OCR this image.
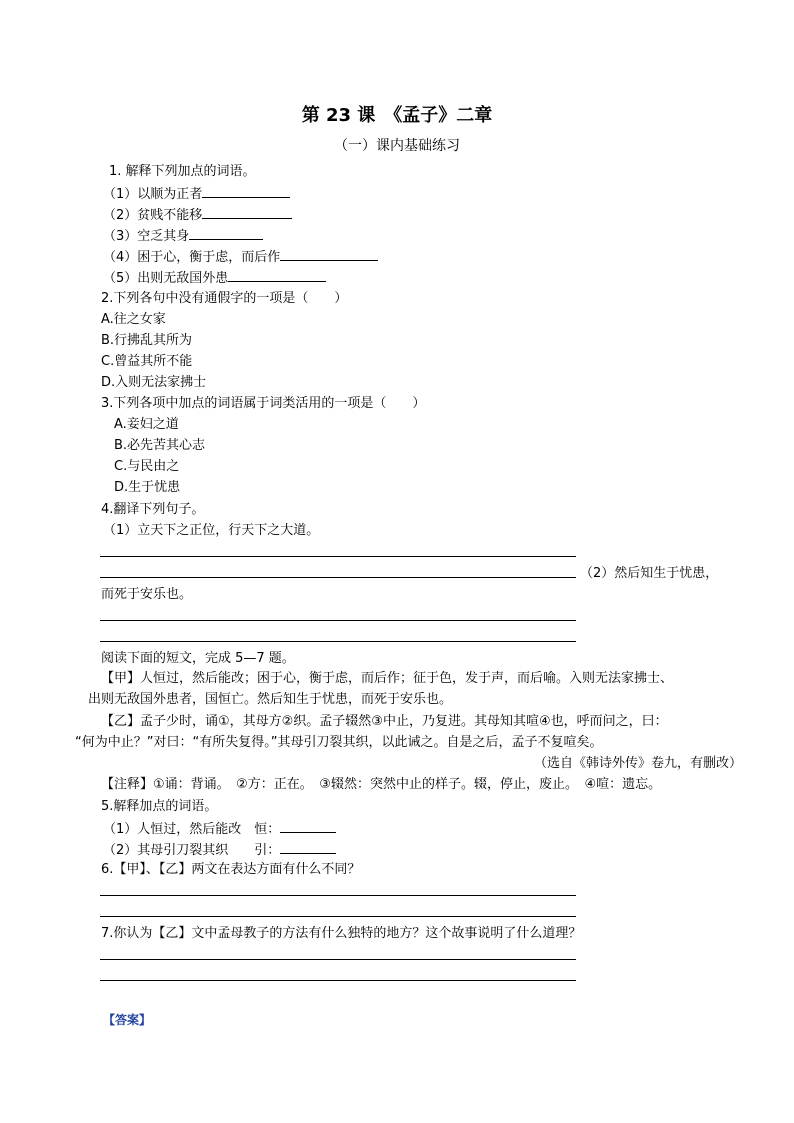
第 23 课　《孟子》二章
（一）课内基础练习
1. 解释下列加点的词语。
（1）以顺为正者
（2）贫贱不能移
（3）空乏其身
（4）困于心，衡于虑，而后作
（5）出则无敌国外患
2.下列各句中没有通假字的一项是（　　）
A.往之女家
B.行拂乱其所为
C.曾益其所不能
D.入则无法家拂士
3.下列各项中加点的词语属于词类活用的一项是（　　）
A.妾妇之道
B.必先苦其心志
C.与民由之
D.生于忧患
4.翻译下列句子。
（1）立天下之正位，行天下之大道。
（2）然后知生于忧患，
而死于安乐也。
阅读下面的短文，完成 5—7 题。
【甲】人恒过，然后能改；困于心，衡于虑，而后作；征于色，发于声，而后喻。入则无法家拂士、
出则无敌国外患者，国恒亡。然后知生于忧患，而死于安乐也。
【乙】孟子少时，诵①，其母方②织。孟子辍然③中止，乃复进。其母知其喧④也，呼而问之，曰：
“何为中止？”对曰：“有所失复得。”其母引刀裂其织，以此诫之。自是之后，孟子不复喧矣。
（选自《韩诗外传》卷九，有删改）
【注释】①诵：背诵。　②方：正在。　③辍然：突然中止的样子。辍，停止，废止。　④喧：遗忘。
5.解释加点的词语。
（1）人恒过，然后能改　恒：
（2）其母引刀裂其织　　引：
6.【甲】、【乙】两文在表达方面有什么不同？
7.你认为【乙】文中孟母教子的方法有什么独特的地方？这个故事说明了什么道理？
【答案】
